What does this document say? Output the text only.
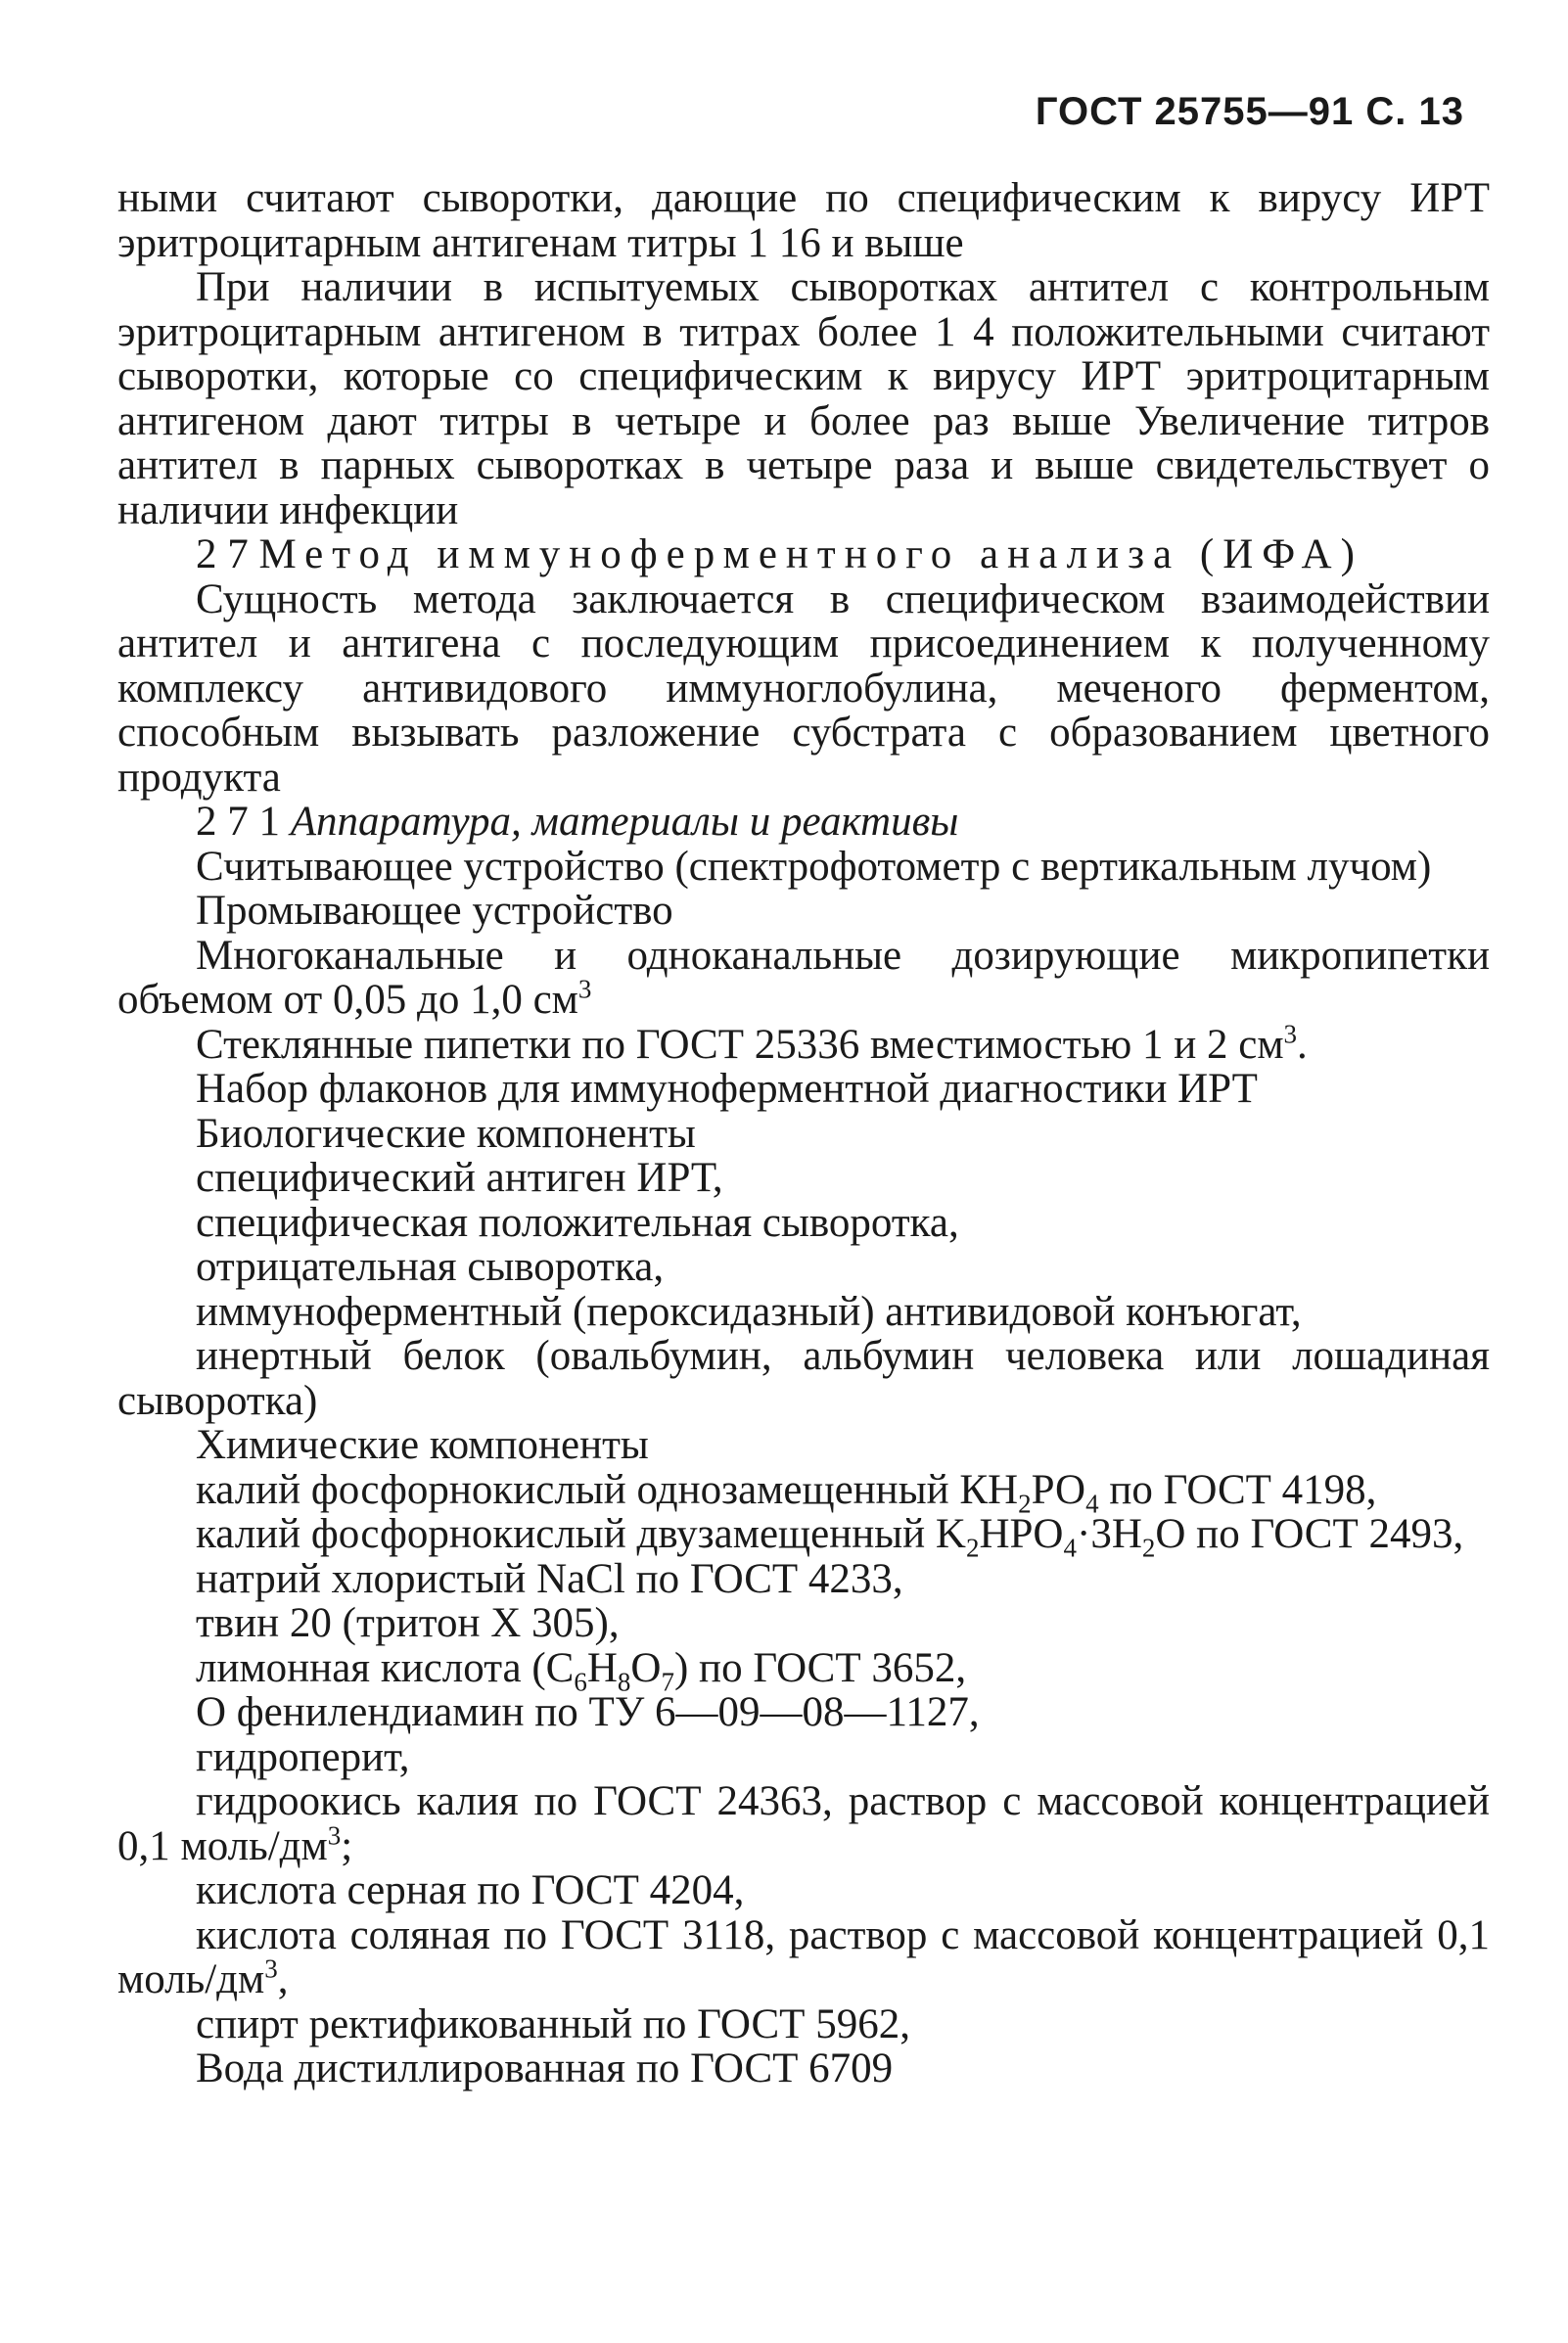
ГОСТ 25755—91 С. 13

ными считают сыворотки, дающие по специфическим к вирусу ИРТ эритроцитарным антигенам титры 1 16 и выше

При наличии в испытуемых сыворотках антител с контрольным эритроцитарным антигеном в титрах более 1 4 положительными считают сыворотки, которые со специфическим к вирусу ИРТ эритроцитарным антигеном дают титры в четыре и более раз выше Увеличение титров антител в парных сыворотках в четыре раза и выше свидетельствует о наличии инфекции

2 7 Метод иммуноферментного анализа (ИФА)

Сущность метода заключается в специфическом взаимодействии антител и антигена с последующим присоединением к полученному комплексу антивидового иммуноглобулина, меченого ферментом, способным вызывать разложение субстрата с образованием цветного продукта

2 7 1 Аппаратура, материалы и реактивы

Считывающее устройство (спектрофотометр с вертикальным лучом)

Промывающее устройство

Многоканальные и одноканальные дозирующие микропипетки объемом от 0,05 до 1,0 $см^3$

Стеклянные пипетки по ГОСТ 25336 вместимостью 1 и 2 $см^3$.

Набор флаконов для иммуноферментной диагностики ИРТ

Биологические компоненты

специфический антиген ИРТ,

специфическая положительная сыворотка,

отрицательная сыворотка,

иммуноферментный (пероксидазный) антивидовой конъюгат,

инертный белок (овальбумин, альбумин человека или лошадиная сыворотка)

Химические компоненты

калий фосфорнокислый однозамещенный $КН_2РО_4$ по ГОСТ 4198,

калий фосфорнокислый двузамещенный $K_2HPO_4\cdot 3H_2O$ по ГОСТ 2493,

натрий хлористый NaCl по ГОСТ 4233,

твин 20 (тритон X 305),

лимонная кислота $(C_6H_8O_7)$ по ГОСТ 3652,

О фенилендиамин по ТУ 6—09—08—1127,

гидроперит,

гидроокись калия по ГОСТ 24363, раствор с массовой концентрацией 0,1 моль/$дм^3$;

кислота серная по ГОСТ 4204,

кислота соляная по ГОСТ 3118, раствор с массовой концентрацией 0,1 моль/$дм^3$,

спирт ректификованный по ГОСТ 5962,

Вода дистиллированная по ГОСТ 6709
